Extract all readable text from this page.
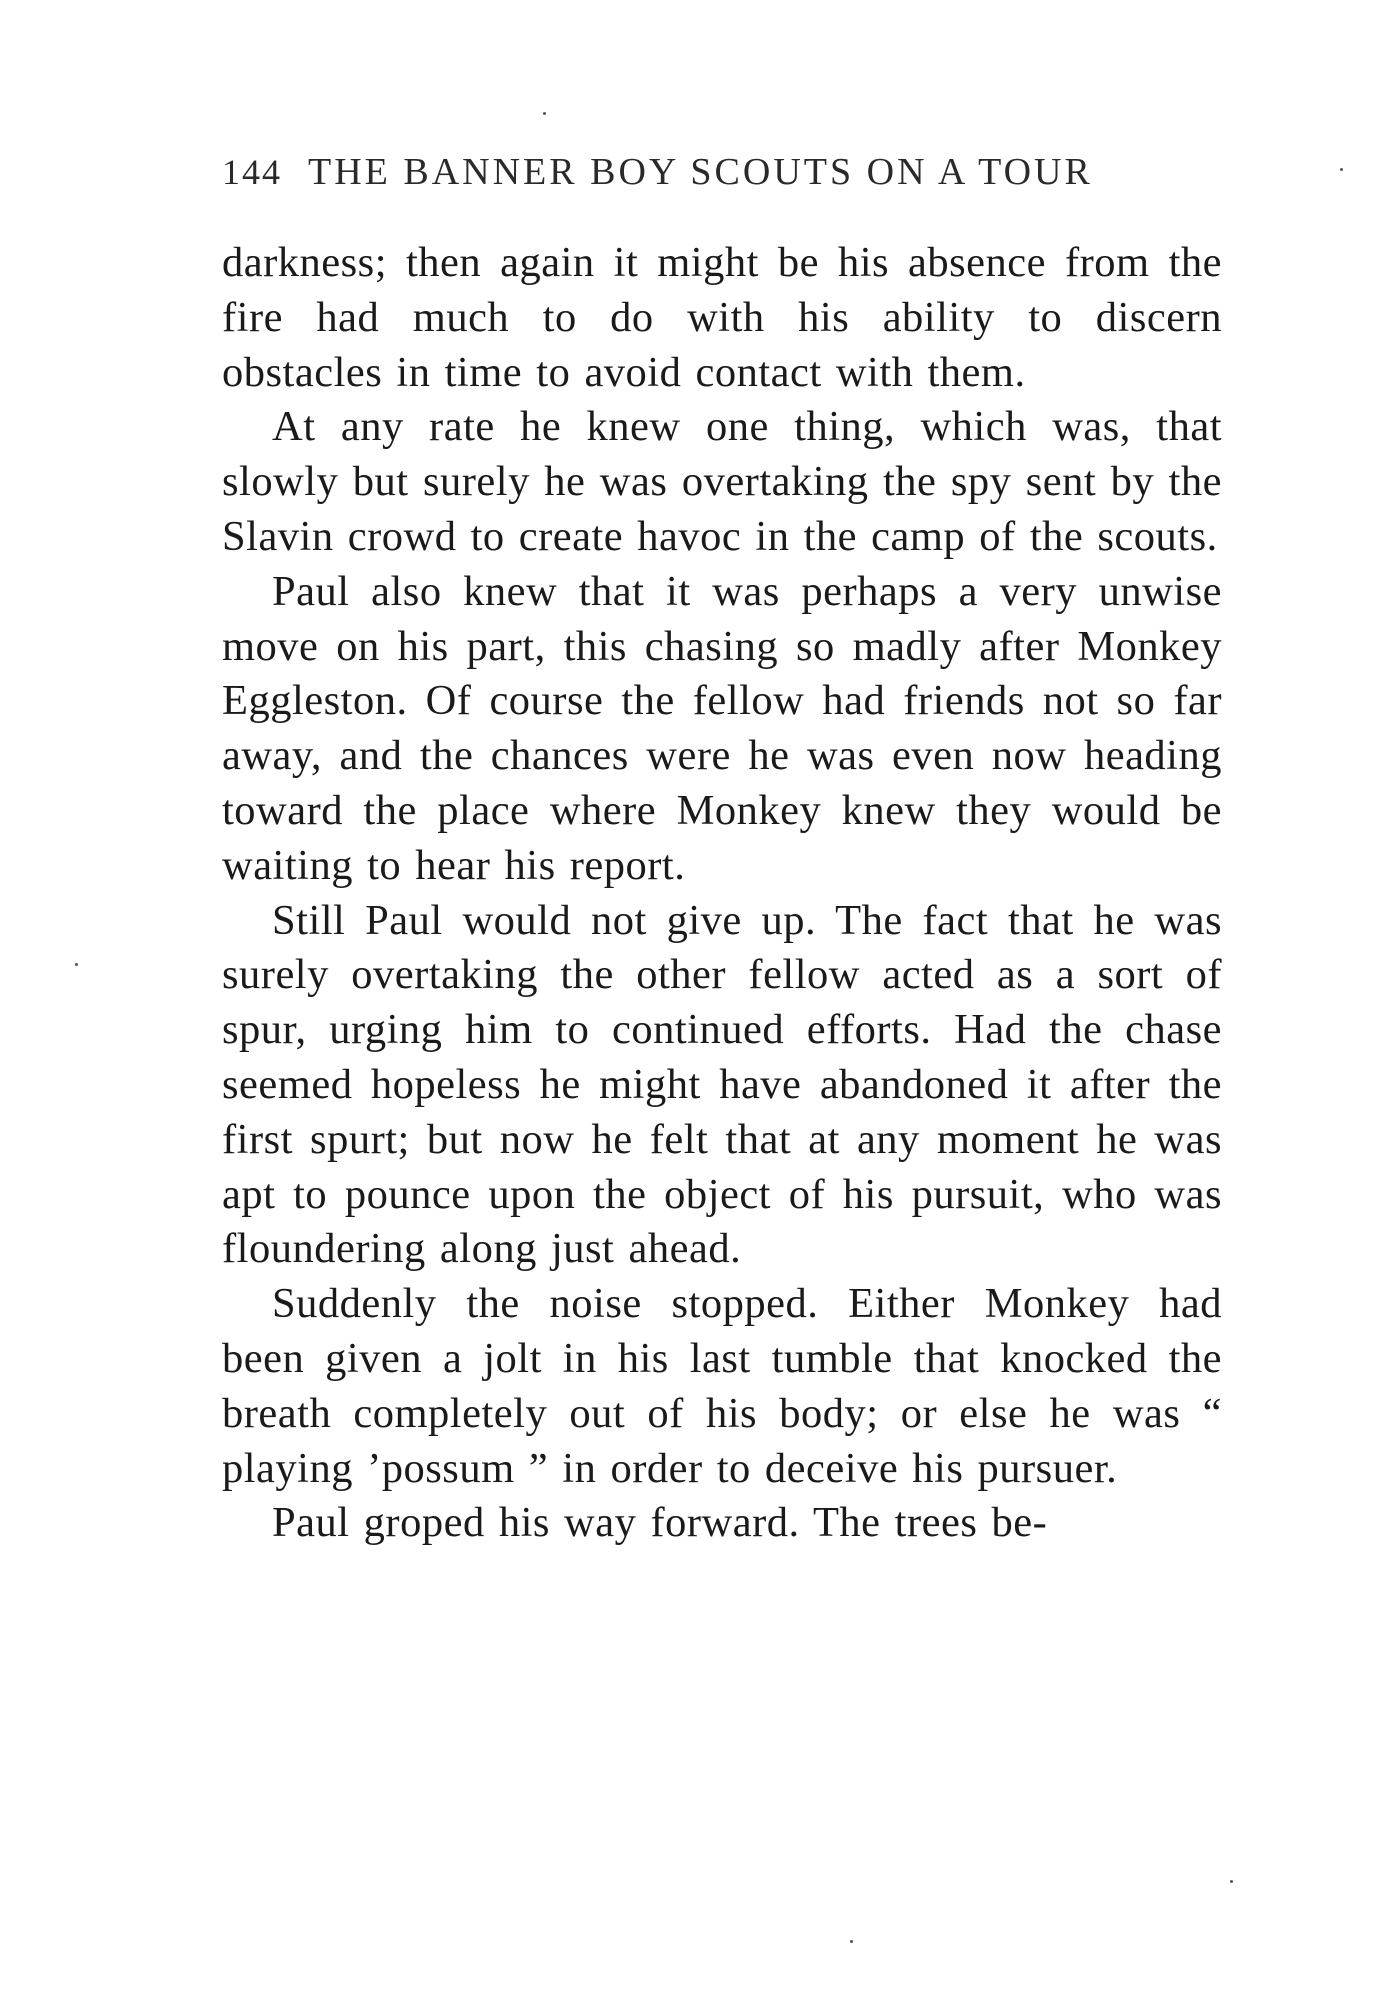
144 THE BANNER BOY SCOUTS ON A TOUR

darkness; then again it might be his absence from the fire had much to do with his ability to discern obstacles in time to avoid contact with them.

At any rate he knew one thing, which was, that slowly but surely he was overtaking the spy sent by the Slavin crowd to create havoc in the camp of the scouts.

Paul also knew that it was perhaps a very unwise move on his part, this chasing so madly after Monkey Eggleston. Of course the fellow had friends not so far away, and the chances were he was even now heading toward the place where Monkey knew they would be waiting to hear his report.

Still Paul would not give up. The fact that he was surely overtaking the other fellow acted as a sort of spur, urging him to continued efforts. Had the chase seemed hopeless he might have abandoned it after the first spurt; but now he felt that at any moment he was apt to pounce upon the object of his pursuit, who was floundering along just ahead.

Suddenly the noise stopped. Either Monkey had been given a jolt in his last tumble that knocked the breath completely out of his body; or else he was “ playing ’possum ” in order to deceive his pursuer.

Paul groped his way forward. The trees be-
